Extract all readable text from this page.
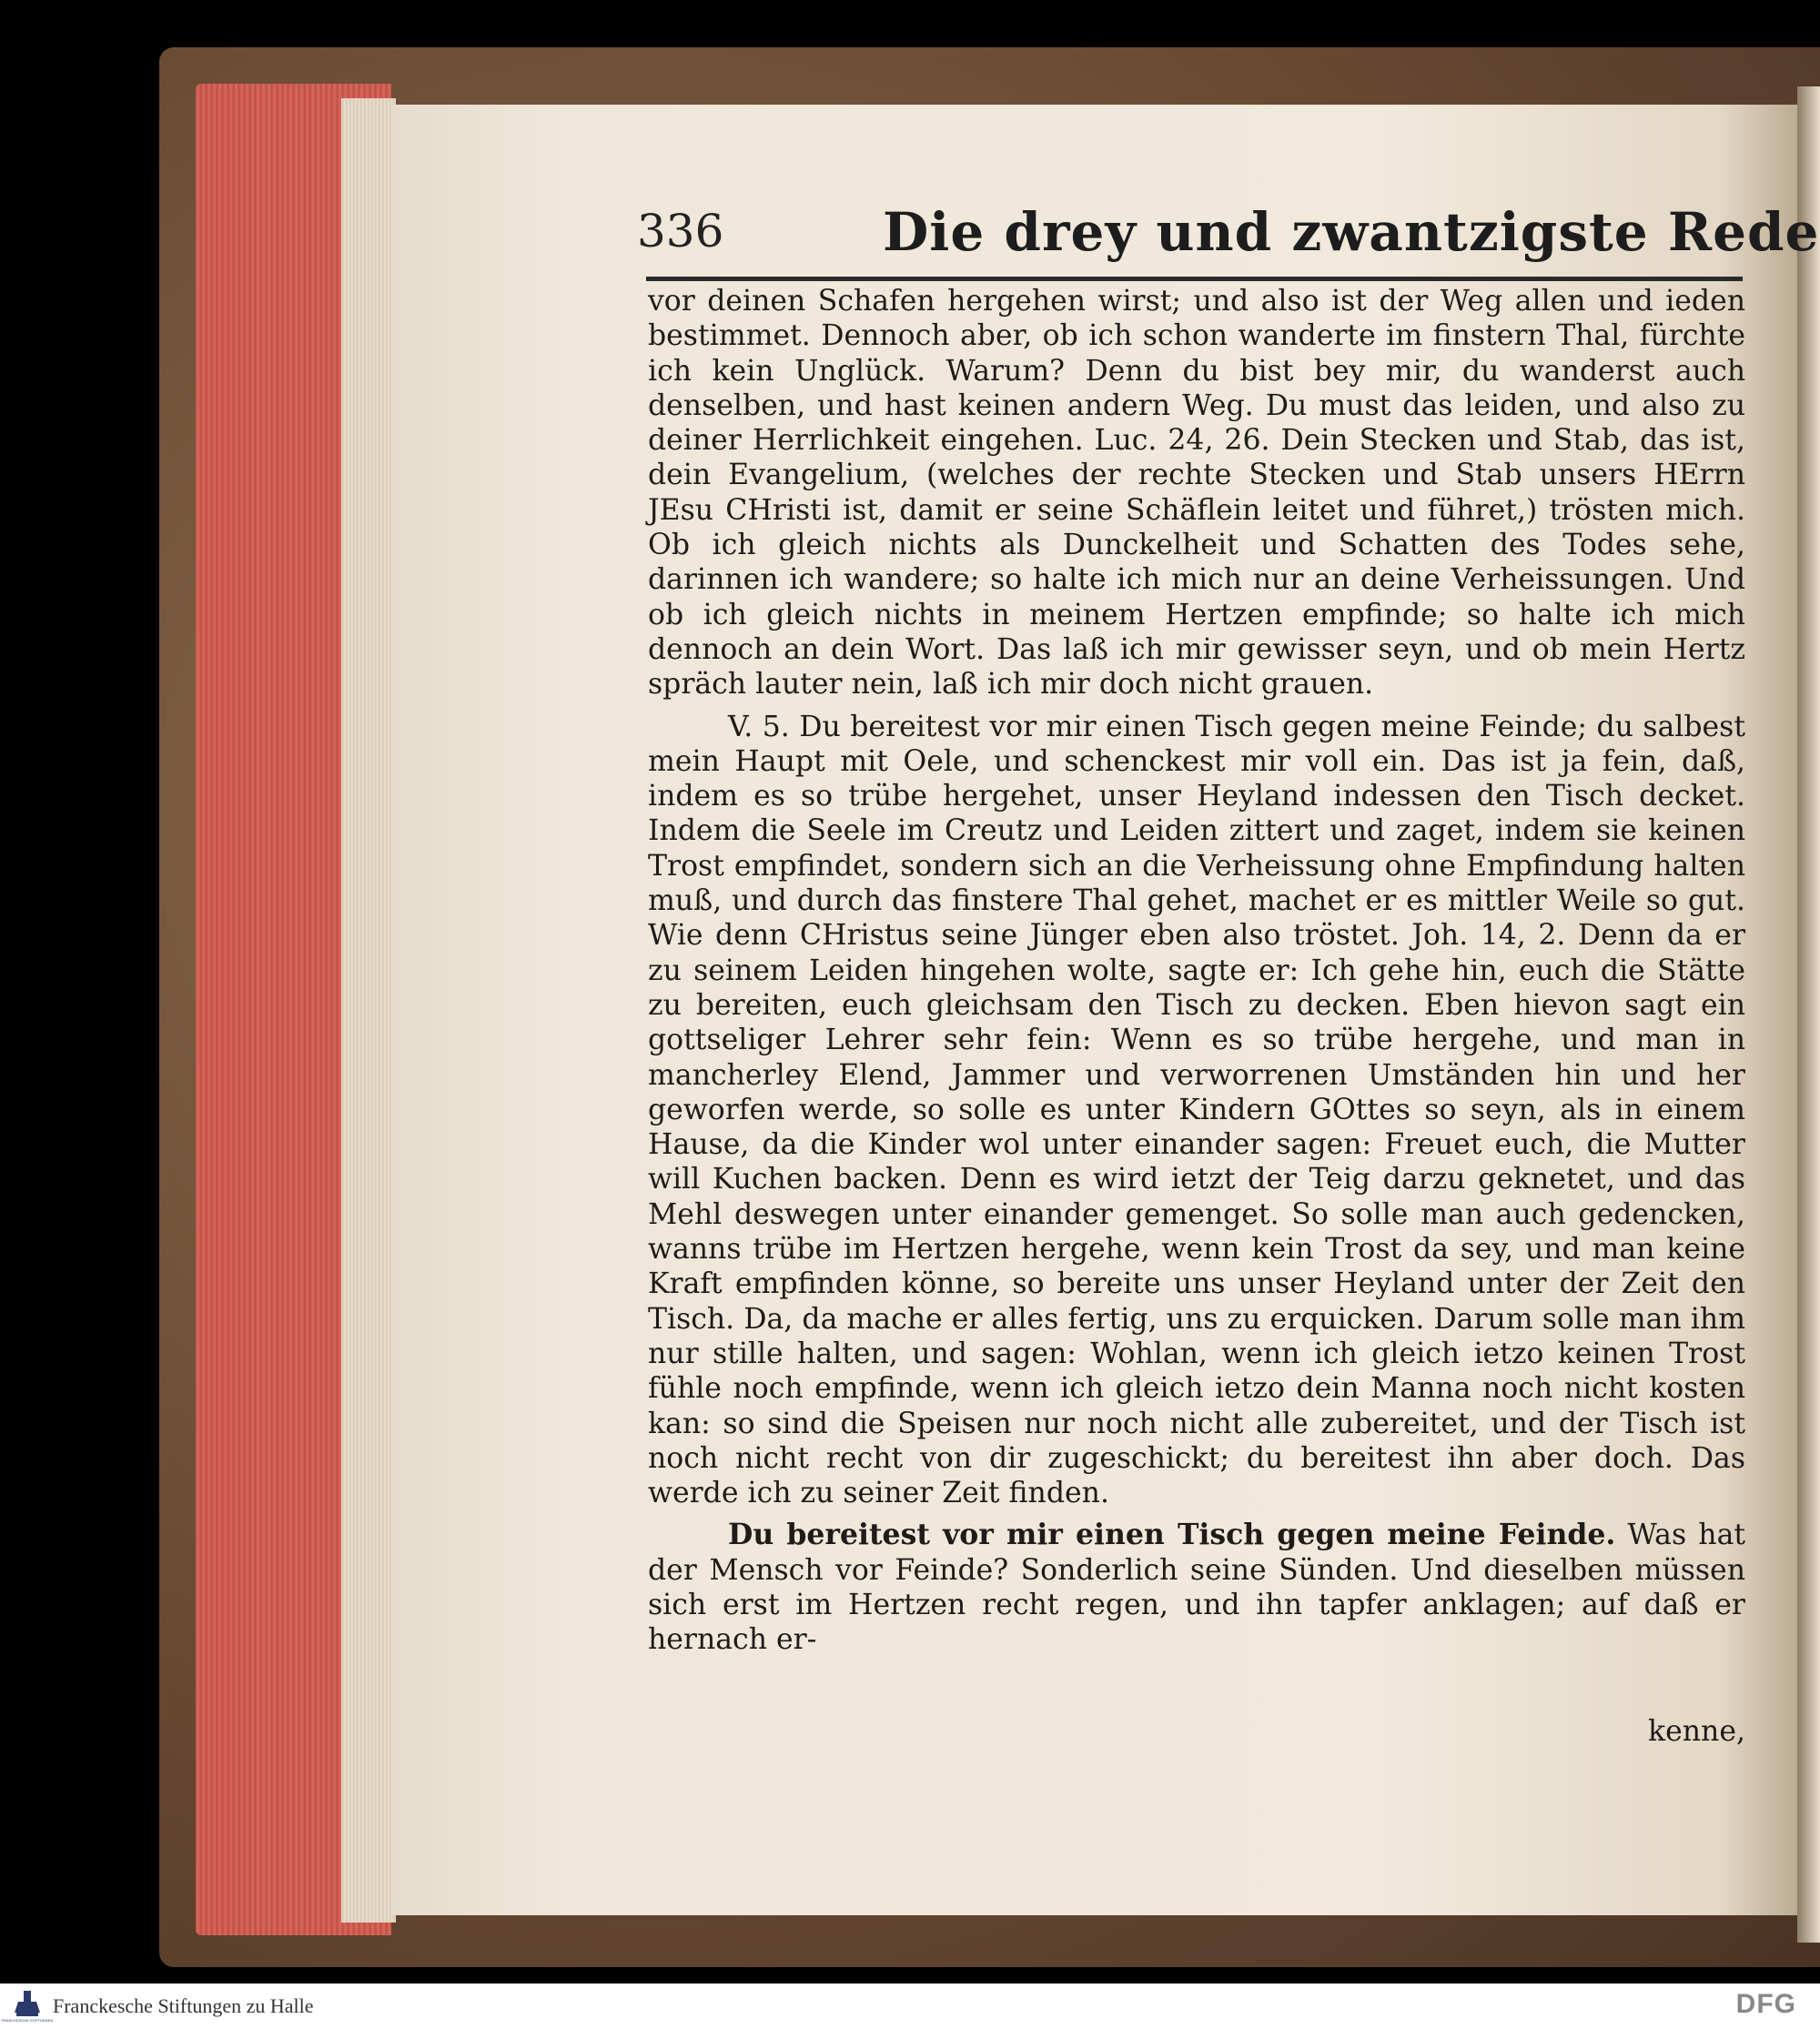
336	Die drey und zwantzigste Rede

vor deinen Schafen hergehen wirst; und also ist der Weg allen und ieden bestimmet. Dennoch aber, ob ich schon wanderte im finstern Thal, fürchte ich kein Unglück. Warum? Denn du bist bey mir, du wanderst auch denselben, und hast keinen andern Weg. Du must das leiden, und also zu deiner Herrlichkeit eingehen. Luc. 24, 26. Dein Stecken und Stab, das ist, dein Evangelium, (welches der rechte Stecken und Stab unsers HErrn JEsu CHristi ist, damit er seine Schäflein leitet und führet,) trösten mich. Ob ich gleich nichts als Dunckelheit und Schatten des Todes sehe, darinnen ich wandere; so halte ich mich nur an deine Verheissungen. Und ob ich gleich nichts in meinem Hertzen empfinde; so halte ich mich dennoch an dein Wort. Das laß ich mir gewisser seyn, und ob mein Hertz spräch lauter nein, laß ich mir doch nicht grauen.

V. 5. Du bereitest vor mir einen Tisch gegen meine Feinde; du salbest mein Haupt mit Oele, und schenckest mir voll ein. Das ist ja fein, daß, indem es so trübe hergehet, unser Heyland indessen den Tisch decket. Indem die Seele im Creutz und Leiden zittert und zaget, indem sie keinen Trost empfindet, sondern sich an die Verheissung ohne Empfindung halten muß, und durch das finstere Thal gehet, machet er es mittler Weile so gut. Wie denn CHristus seine Jünger eben also tröstet. Joh. 14, 2. Denn da er zu seinem Leiden hingehen wolte, sagte er: Ich gehe hin, euch die Stätte zu bereiten, euch gleichsam den Tisch zu decken. Eben hievon sagt ein gottseliger Lehrer sehr fein: Wenn es so trübe hergehe, und man in mancherley Elend, Jammer und verworrenen Umständen hin und her geworfen werde, so solle es unter Kindern GOttes so seyn, als in einem Hause, da die Kinder wol unter einander sagen: Freuet euch, die Mutter will Kuchen backen. Denn es wird ietzt der Teig darzu geknetet, und das Mehl deswegen unter einander gemenget. So solle man auch gedencken, wanns trübe im Hertzen hergehe, wenn kein Trost da sey, und man keine Kraft empfinden könne, so bereite uns unser Heyland unter der Zeit den Tisch. Da, da mache er alles fertig, uns zu erquicken. Darum solle man ihm nur stille halten, und sagen: Wohlan, wenn ich gleich ietzo keinen Trost fühle noch empfinde, wenn ich gleich ietzo dein Manna noch nicht kosten kan: so sind die Speisen nur noch nicht alle zubereitet, und der Tisch ist noch nicht recht von dir zugeschickt; du bereitest ihn aber doch. Das werde ich zu seiner Zeit finden.

Du bereitest vor mir einen Tisch gegen meine Feinde. Was hat der Mensch vor Feinde? Sonderlich seine Sünden. Und dieselben müssen sich erst im Hertzen recht regen, und ihn tapfer anklagen; auf daß er hernach er-

kenne,
FRANCKESCHE STIFTUNGEN
Franckesche Stiftungen zu Halle	DFG
